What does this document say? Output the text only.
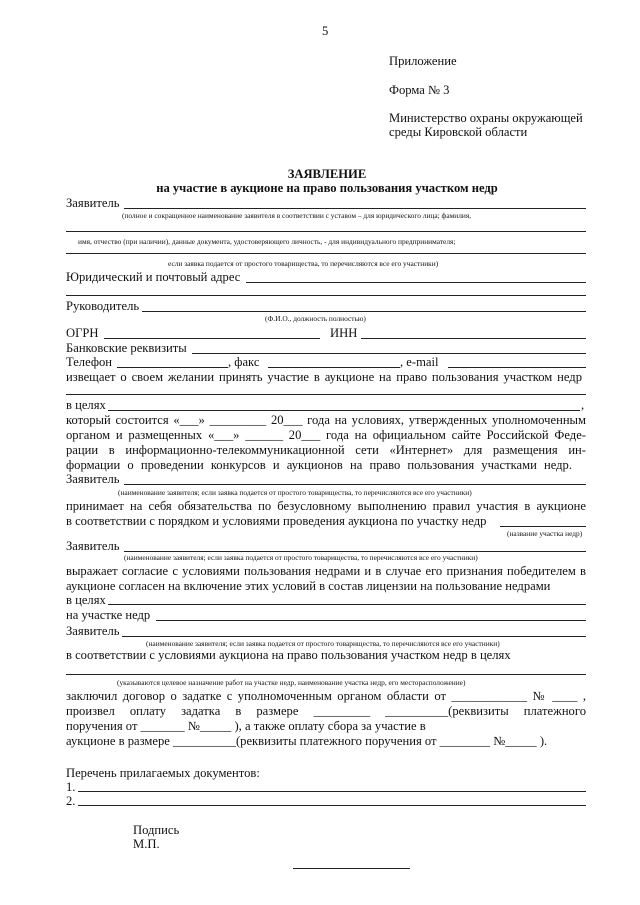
5
Приложение
Форма № 3
Министерство охраны окружающей
среды Кировской области
ЗАЯВЛЕНИЕ
на участие в аукционе на право пользования участком недр
Заявитель
(полное и сокращенное наименование заявителя в соответствии с уставом – для юридического лица; фамилия,
имя, отчество (при наличии), данные документа, удостоверяющего личность, - для индивидуального предпринимателя;
если заявка подается от простого товарищества, то перечисляются все его участники)
Юридический и почтовый адрес
Руководитель
(Ф.И.О., должность полностью)
ОГРН	ИНН
Банковские реквизиты
Телефон	, факс	, e-mail
извещает о своем желании принять участие в аукционе на право пользования участком недр
в целях	,
который состоится «___» _________ 20___ года на условиях, утвержденных уполномоченным
органом и размещенных «___» ______ 20___ года на официальном сайте Российской Феде-
рации в информационно-телекоммуникационной сети «Интернет» для размещения ин-
формации о проведении конкурсов и аукционов на право пользования участками недр.
Заявитель
(наименование заявителя; если заявка подается от простого товарищества, то перечисляются все его участники)
принимает на себя обязательства по безусловному выполнению правил участия в аукционе
в соответствии с порядком и условиями проведения аукциона по участку недр
(название участка недр)
Заявитель
(наименование заявителя; если заявка подается от простого товарищества, то перечисляются все его участники)
выражает согласие с условиями пользования недрами и в случае его признания победителем в
аукционе согласен на включение этих условий в состав лицензии на пользование недрами
в целях
на участке недр
Заявитель
(наименование заявителя; если заявка подается от простого товарищества, то перечисляются все его участники)
в соответствии с условиями аукциона на право пользования участком недр в целях
(указываются целевое назначение работ на участке недр, наименование участка недр, его месторасположение)
заключил договор о задатке с уполномоченным органом области от ____________ № ____ ,
произвел оплату задатка в размере _________ __________(реквизиты платежного
поручения от _______ №_____ ), а также оплату сбора за участие в
аукционе в размере __________(реквизиты платежного поручения от ________ №_____ ).
Перечень прилагаемых документов:
1.
2.
Подпись
М.П.
